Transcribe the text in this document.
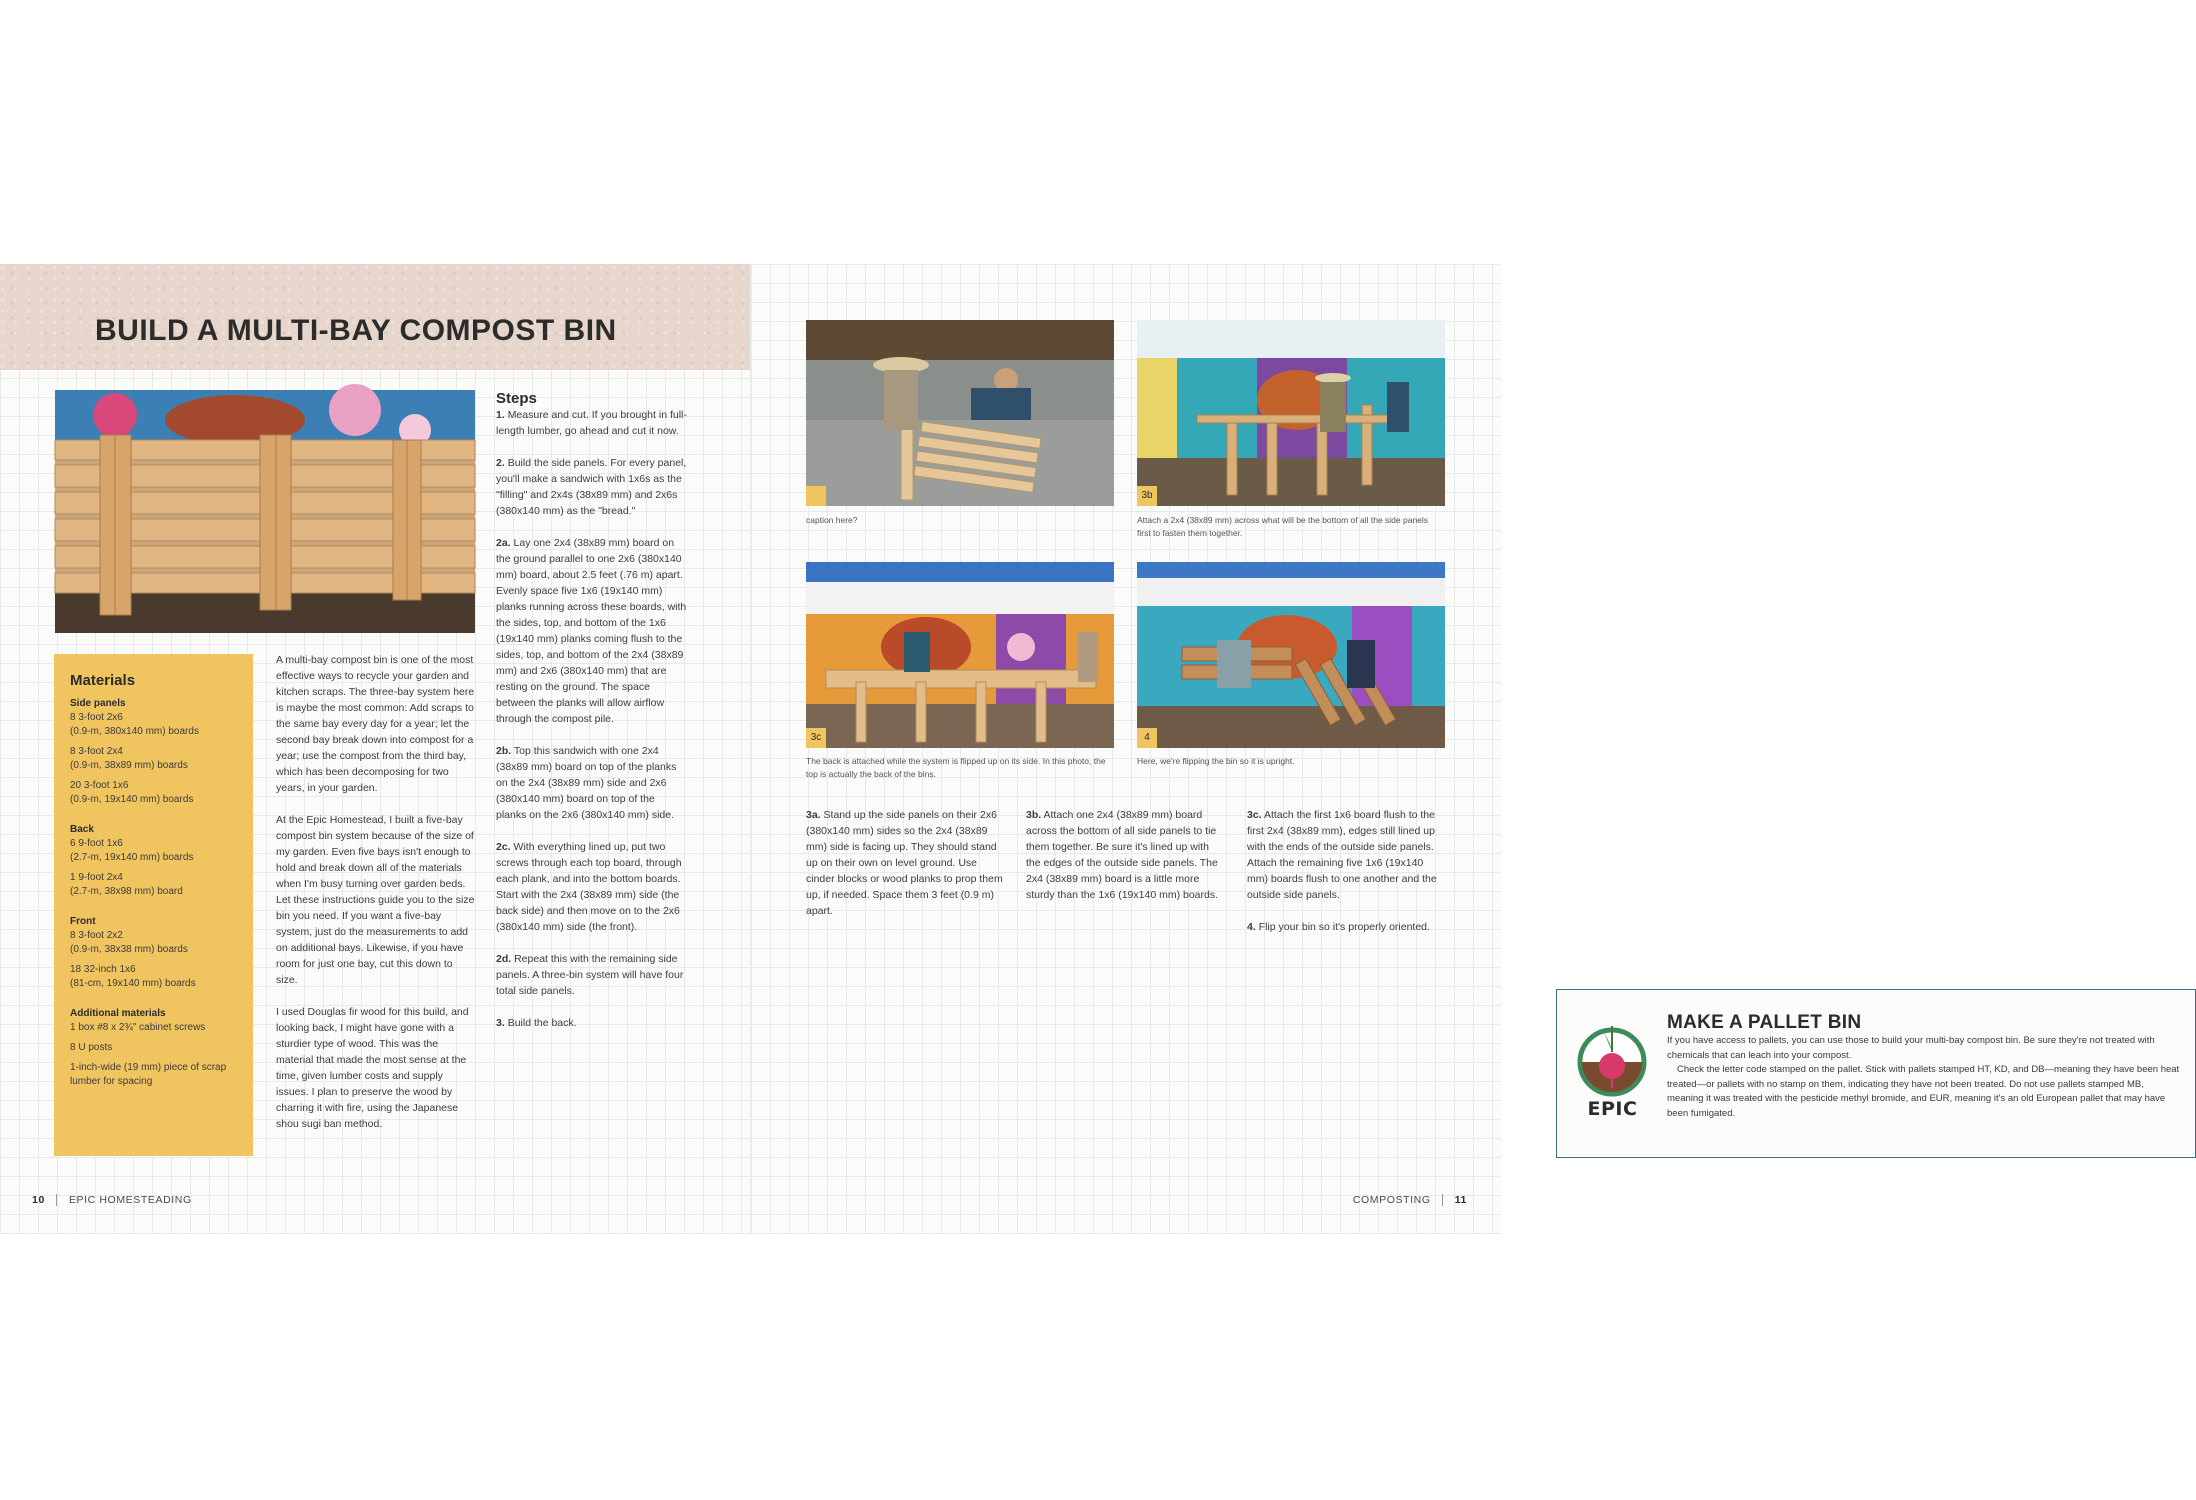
BUILD A MULTI-BAY COMPOST BIN
Materials
Side panels
8 3-foot 2x6
(0.9-m, 380x140 mm) boards
8 3-foot 2x4
(0.9-m, 38x89 mm) boards
20 3-foot 1x6
(0.9-m, 19x140 mm) boards
Back
6 9-foot 1x6
(2.7-m, 19x140 mm) boards
1 9-foot 2x4
(2.7-m, 38x98 mm) board
Front
8 3-foot 2x2
(0.9-m, 38x38 mm) boards
18 32-inch 1x6
(81-cm, 19x140 mm) boards
Additional materials
1 box #8 x 2¾" cabinet screws
8 U posts
1-inch-wide (19 mm) piece of scrap lumber for spacing

A multi-bay compost bin is one of the most effective ways to recycle your garden and kitchen scraps. The three-bay system here is maybe the most common: Add scraps to the same bay every day for a year; let the second bay break down into compost for a year; use the compost from the third bay, which has been decomposing for two years, in your garden.

At the Epic Homestead, I built a five-bay compost bin system because of the size of my garden. Even five bays isn't enough to hold and break down all of the materials when I'm busy turning over garden beds. Let these instructions guide you to the size bin you need. If you want a five-bay system, just do the measurements to add on additional bays. Likewise, if you have room for just one bay, cut this down to size.

I used Douglas fir wood for this build, and looking back, I might have gone with a sturdier type of wood. This was the material that made the most sense at the time, given lumber costs and supply issues. I plan to preserve the wood by charring it with fire, using the Japanese shou sugi ban method.

Steps

1. Measure and cut. If you brought in full-length lumber, go ahead and cut it now.

2. Build the side panels. For every panel, you'll make a sandwich with 1x6s as the "filling" and 2x4s (38x89 mm) and 2x6s (380x140 mm) as the "bread."

2a. Lay one 2x4 (38x89 mm) board on the ground parallel to one 2x6 (380x140 mm) board, about 2.5 feet (.76 m) apart. Evenly space five 1x6 (19x140 mm) planks running across these boards, with the sides, top, and bottom of the 1x6 (19x140 mm) planks coming flush to the sides, top, and bottom of the 2x4 (38x89 mm) and 2x6 (380x140 mm) that are resting on the ground. The space between the planks will allow airflow through the compost pile.

2b. Top this sandwich with one 2x4 (38x89 mm) board on top of the planks on the 2x4 (38x89 mm) side and 2x6 (380x140 mm) board on top of the planks on the 2x6 (380x140 mm) side.

2c. With everything lined up, put two screws through each top board, through each plank, and into the bottom boards. Start with the 2x4 (38x89 mm) side (the back side) and then move on to the 2x6 (380x140 mm) side (the front).

2d. Repeat this with the remaining side panels. A three-bin system will have four total side panels.

3. Build the back.

10 EPIC HOMESTEADING
caption here?
3b
Attach a 2x4 (38x89 mm) across what will be the bottom of all the side panels first to fasten them together.
3c
The back is attached while the system is flipped up on its side. In this photo, the top is actually the back of the bins.
4
Here, we're flipping the bin so it is upright.

3a. Stand up the side panels on their 2x6 (380x140 mm) sides so the 2x4 (38x89 mm) side is facing up. They should stand up on their own on level ground. Use cinder blocks or wood planks to prop them up, if needed. Space them 3 feet (0.9 m) apart.

3b. Attach one 2x4 (38x89 mm) board across the bottom of all side panels to tie them together. Be sure it's lined up with the edges of the outside side panels. The 2x4 (38x89 mm) board is a little more sturdy than the 1x6 (19x140 mm) boards.

3c. Attach the first 1x6 board flush to the first 2x4 (38x89 mm), edges still lined up with the ends of the outside side panels. Attach the remaining five 1x6 (19x140 mm) boards flush to one another and the outside side panels.

4. Flip your bin so it's properly oriented.

EPIC
MAKE A PALLET BIN

If you have access to pallets, you can use those to build your multi-bay compost bin. Be sure they're not treated with chemicals that can leach into your compost.

Check the letter code stamped on the pallet. Stick with pallets stamped HT, KD, and DB—meaning they have been heat treated—or pallets with no stamp on them, indicating they have not been treated. Do not use pallets stamped MB, meaning it was treated with the pesticide methyl bromide, and EUR, meaning it's an old European pallet that may have been fumigated.

COMPOSTING 11
